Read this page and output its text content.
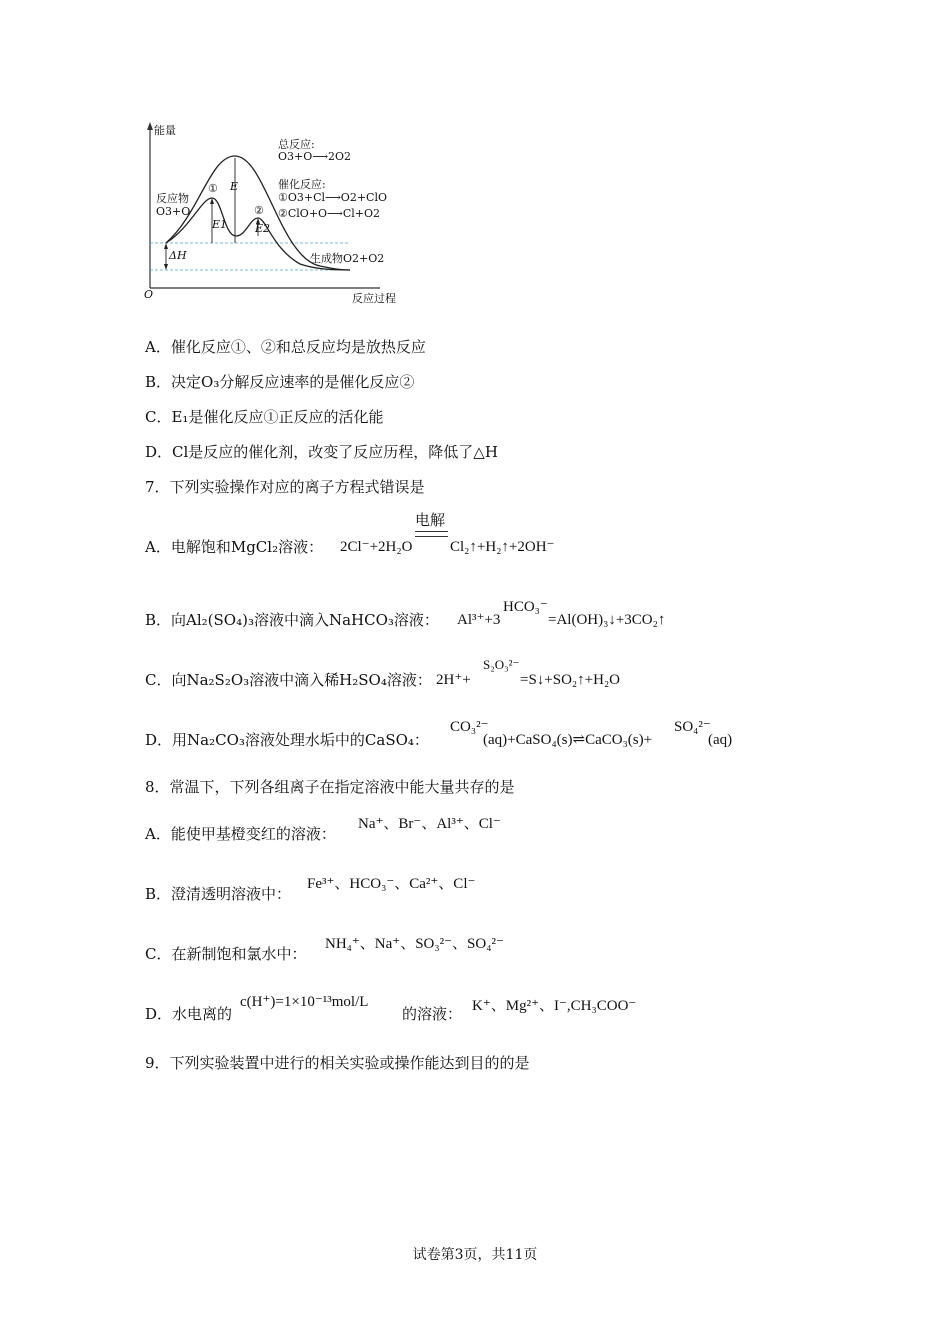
能量
O	反应过程
反应物
O3+O
生成物O2+O2
总反应:
O3+O⟶2O2
催化反应:
①O3+Cl⟶O2+ClO
②ClO+O⟶Cl+O2
E
①
②
E1	E2
ΔH
A．催化反应①、②和总反应均是放热反应
B．决定O₃分解反应速率的是催化反应②
C．E₁是催化反应①正反应的活化能
D．Cl是反应的催化剂，改变了反应历程，降低了△H
7．下列实验操作对应的离子方程式错误是
A．电解饱和MgCl₂溶液： 2Cl⁻+2H₂O
电解
Cl₂↑+H₂↑+2OH⁻
B．向Al₂(SO₄)₃溶液中滴入NaHCO₃溶液： Al³⁺+3
HCO₃⁻
=Al(OH)₃↓+3CO₂↑
C．向Na₂S₂O₃溶液中滴入稀H₂SO₄溶液： 2H⁺+
S₂O₃²⁻
=S↓+SO₂↑+H₂O
D．用Na₂CO₃溶液处理水垢中的CaSO₄：
CO₃²⁻
(aq)+CaSO₄(s)⇌CaCO₃(s)+
SO₄²⁻
(aq)
8．常温下，下列各组离子在指定溶液中能大量共存的是
A．能使甲基橙变红的溶液：
Na⁺、Br⁻、Al³⁺、Cl⁻
B．澄清透明溶液中：
Fe³⁺、HCO₃⁻、Ca²⁺、Cl⁻
C．在新制饱和氯水中：
NH₄⁺、Na⁺、SO₃²⁻、SO₄²⁻
D．水电离的
c(H⁺)=1×10⁻¹³mol/L
的溶液： K⁺、Mg²⁺、I⁻,CH₃COO⁻
9．下列实验装置中进行的相关实验或操作能达到目的的是
试卷第3页，共11页
